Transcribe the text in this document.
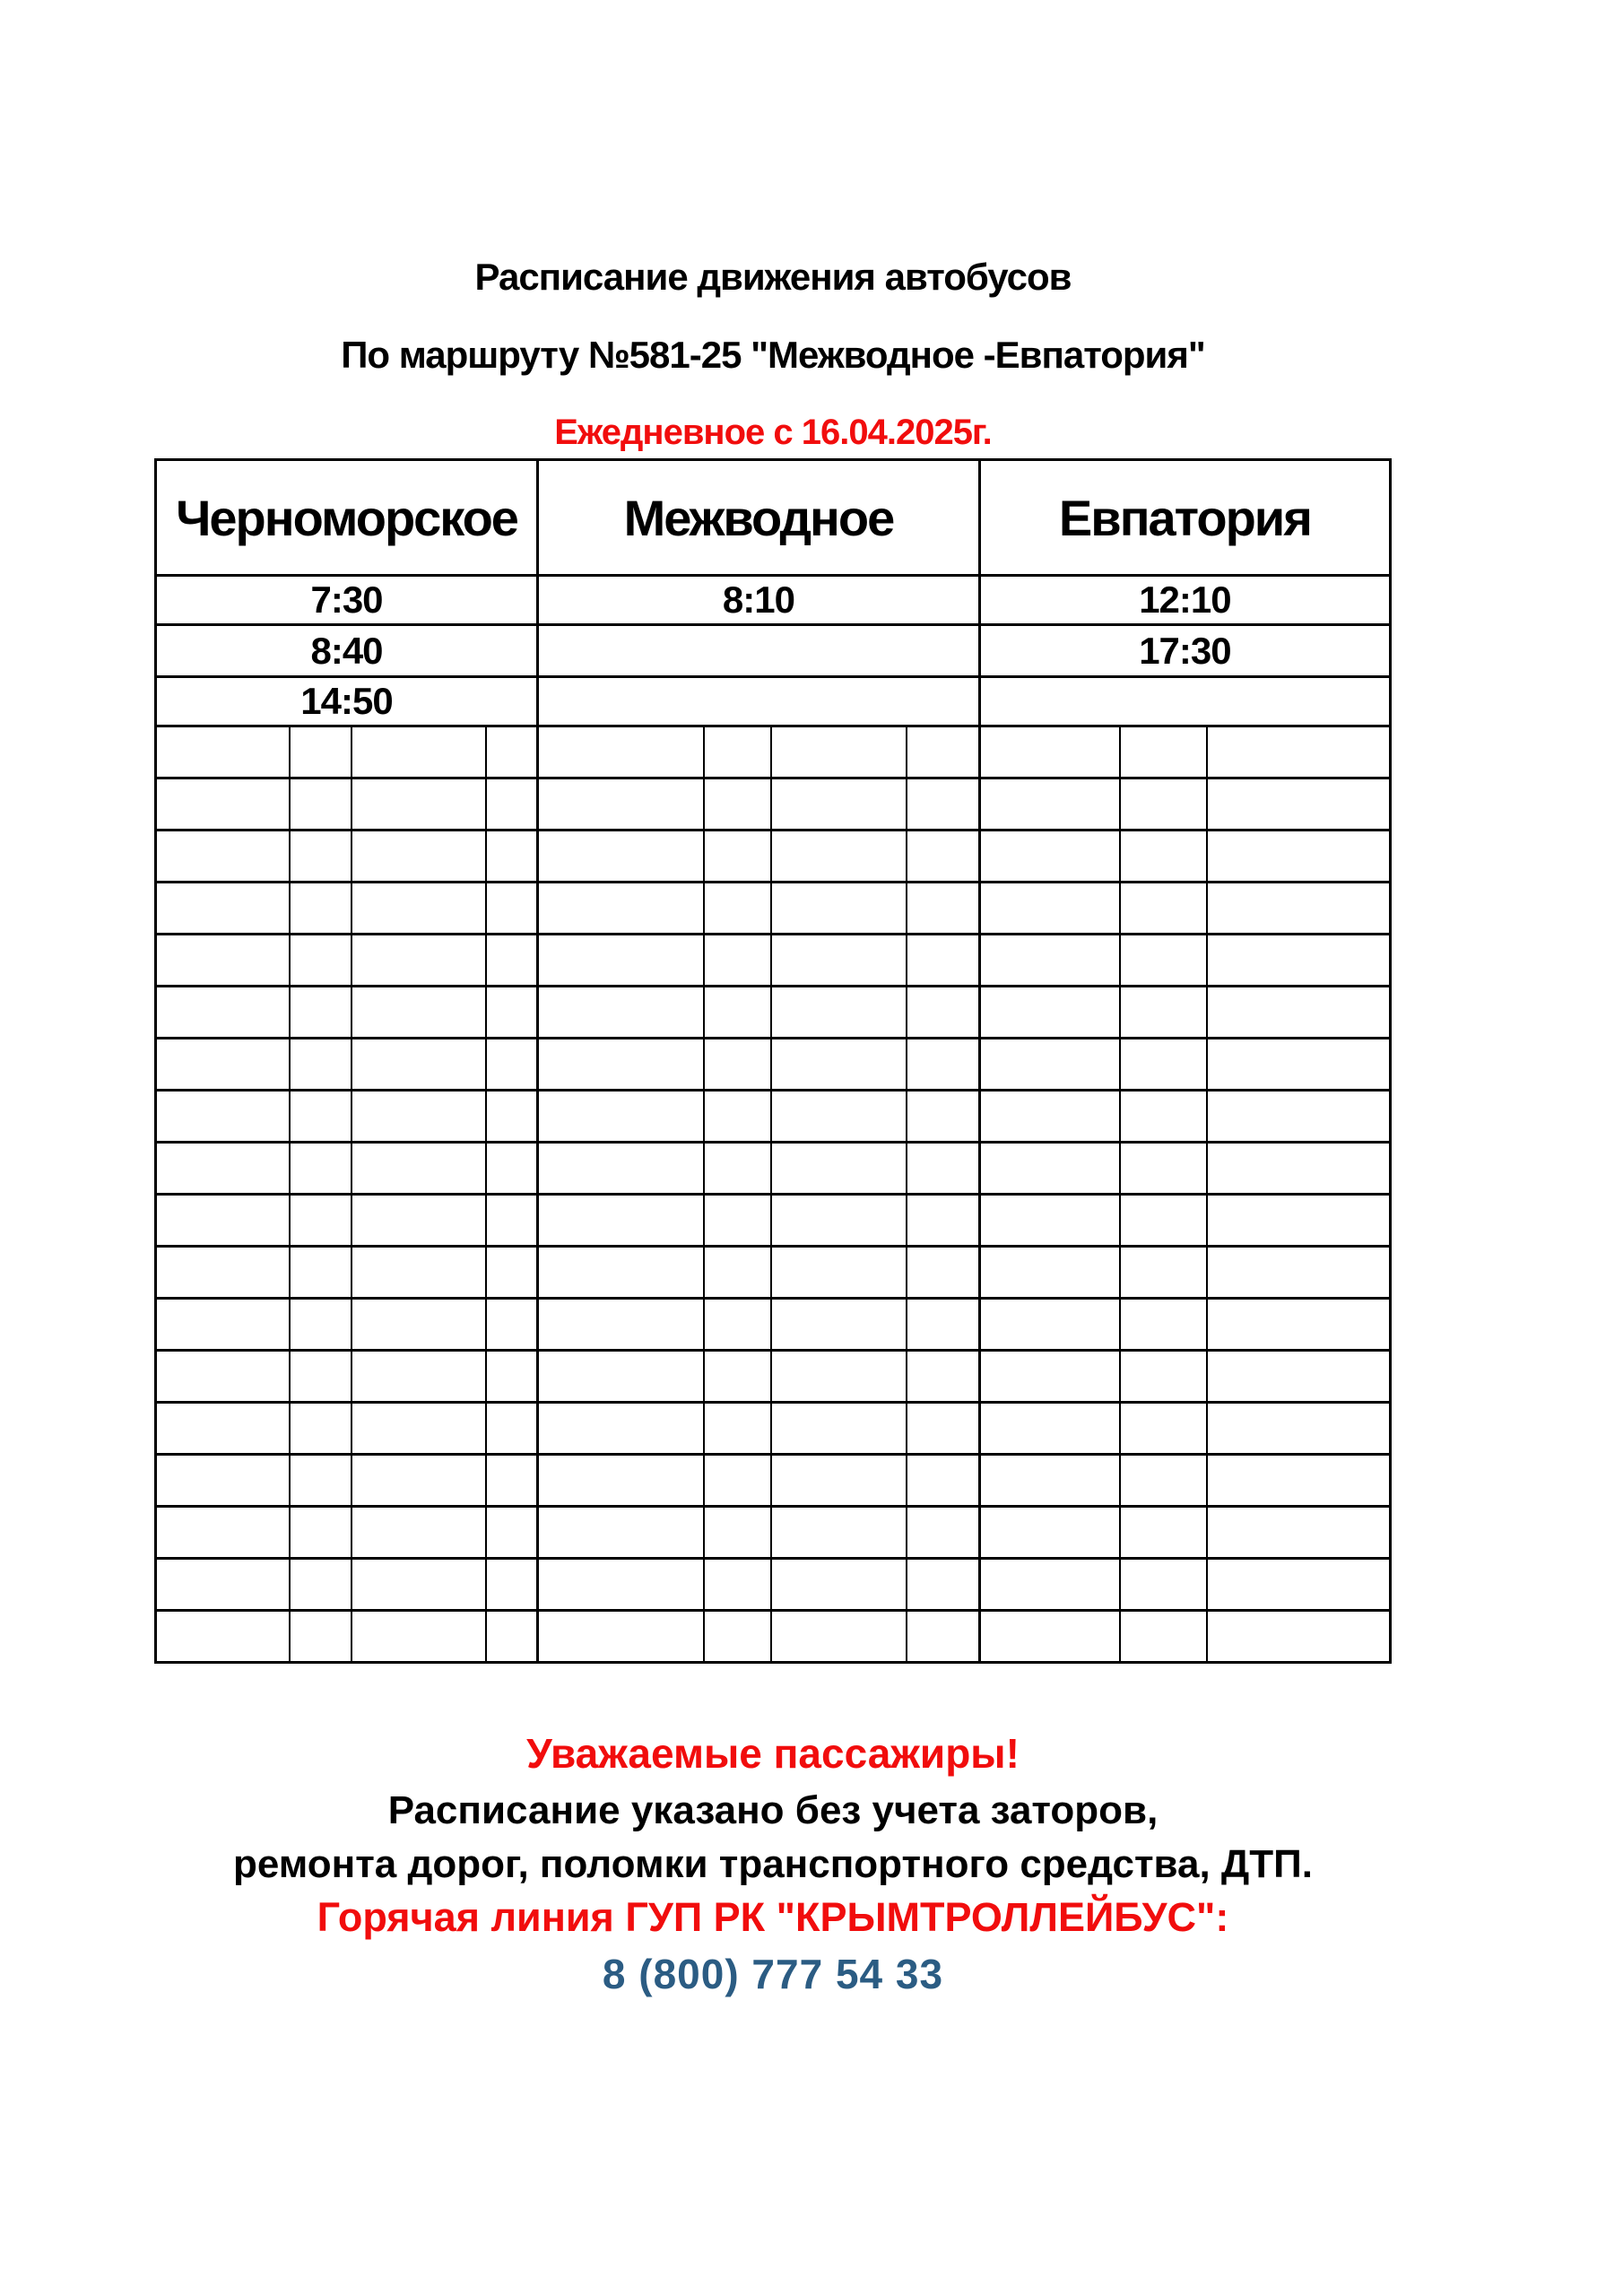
Расписание движения автобусов
По маршруту №581-25 "Межводное -Евпатория"
Ежедневное с 16.04.2025г.
Черноморское				Межводное				Евпатория		
7:30				8:10				12:10		
8:40								17:30		
14:50										

Уважаемые пассажиры!
Расписание указано без учета заторов,
ремонта дорог, поломки транспортного средства, ДТП.
Горячая линия ГУП РК "КРЫМТРОЛЛЕЙБУС":
8 (800) 777 54 33
